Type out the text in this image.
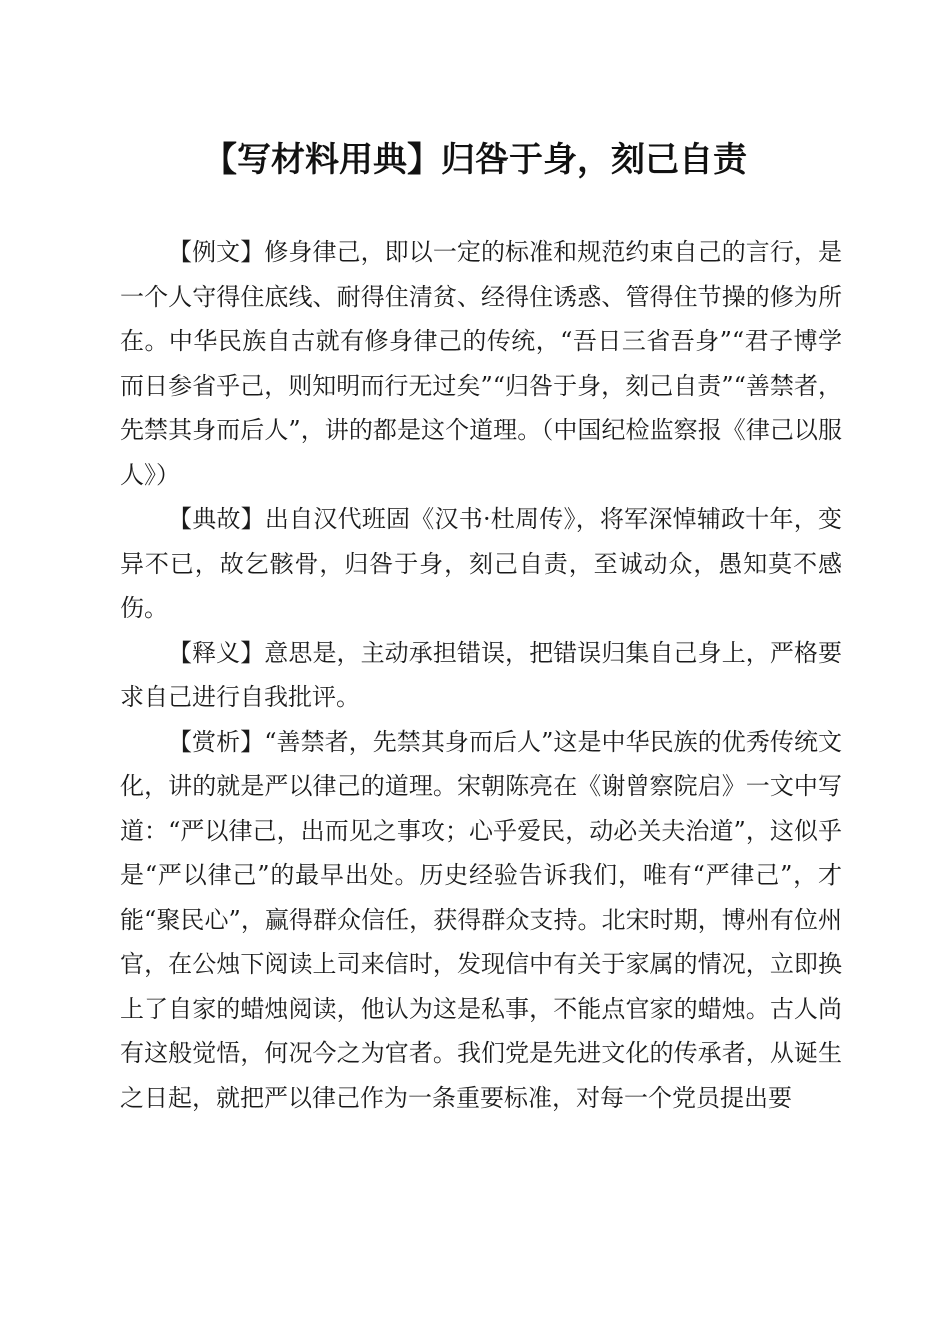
【写材料用典】归咎于身，刻己自责

【例文】修身律己，即以一定的标准和规范约束自己的言行，是一个人守得住底线、耐得住清贫、经得住诱惑、管得住节操的修为所在。中华民族自古就有修身律己的传统，“吾日三省吾身”“君子博学而日参省乎己，则知明而行无过矣”“归咎于身，刻己自责”“善禁者，先禁其身而后人”，讲的都是这个道理。（中国纪检监察报《律己以服人》）

【典故】出自汉代班固《汉书·杜周传》，将军深悼辅政十年，变异不已，故乞骸骨，归咎于身，刻己自责，至诚动众，愚知莫不感伤。

【释义】意思是，主动承担错误，把错误归集自己身上，严格要求自己进行自我批评。

【赏析】“善禁者，先禁其身而后人”这是中华民族的优秀传统文化，讲的就是严以律己的道理。宋朝陈亮在《谢曾察院启》一文中写道：“严以律己，出而见之事攻；心乎爱民，动必关夫治道”，这似乎是“严以律己”的最早出处。历史经验告诉我们，唯有“严律己”，才能“聚民心”，赢得群众信任，获得群众支持。北宋时期，博州有位州官，在公烛下阅读上司来信时，发现信中有关于家属的情况，立即换上了自家的蜡烛阅读，他认为这是私事，不能点官家的蜡烛。古人尚有这般觉悟，何况今之为官者。我们党是先进文化的传承者，从诞生之日起，就把严以律己作为一条重要标准，对每一个党员提出要
